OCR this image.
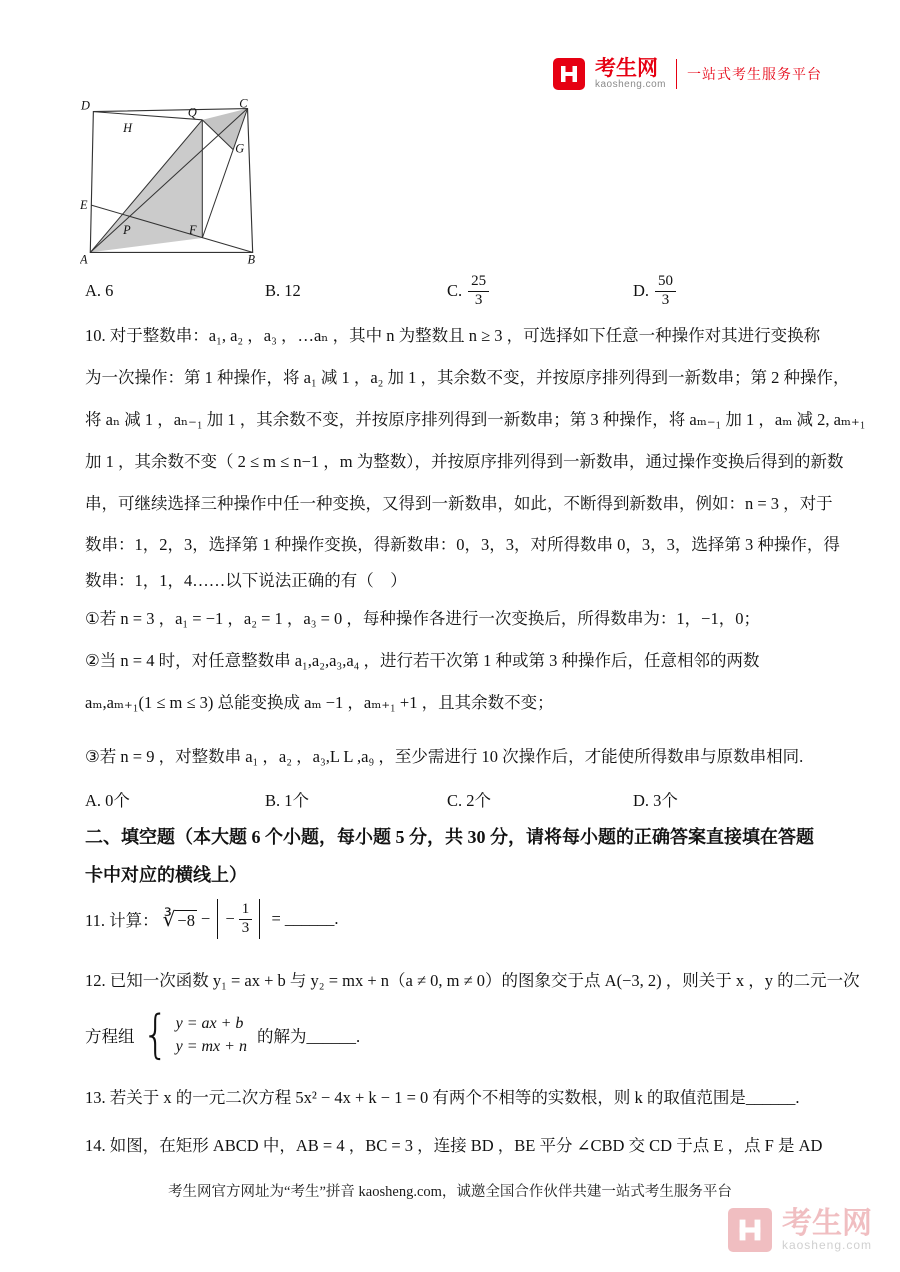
考生网
kaosheng.com
一站式考生服务平台
D	C
H
Q
G
E
P	F
A	B
A. 6	B. 12	C. $\frac{25}{3}$	D. $\frac{50}{3}$
10. 对于整数串：a₁, a₂ ，a₃ ，…aₙ ，其中 n 为整数且 n ≥ 3 ，可选择如下任意一种操作对其进行变换称
为一次操作：第 1 种操作，将 a₁ 减 1 ，a₂ 加 1 ，其余数不变，并按原序排列得到一新数串；第 2 种操作，
将 aₙ 减 1 ，aₙ₋₁ 加 1 ，其余数不变，并按原序排列得到一新数串；第 3 种操作，将 aₘ₋₁ 加 1 ，aₘ 减 2, aₘ₊₁
加 1 ，其余数不变（ 2 ≤ m ≤ n−1 ，m 为整数），并按原序排列得到一新数串，通过操作变换后得到的新数
串，可继续选择三种操作中任一种变换，又得到一新数串，如此，不断得到新数串，例如：n = 3 ，对于
数串：1，2，3，选择第 1 种操作变换，得新数串：0，3，3，对所得数串 0，3，3，选择第 3 种操作，得
数串：1，1，4……以下说法正确的有（　）
①若 n = 3 ，a₁ = −1 ，a₂ = 1 ，a₃ = 0 ，每种操作各进行一次变换后，所得数串为：1，−1，0；
②当 n = 4 时，对任意整数串 a₁,a₂,a₃,a₄ ，进行若干次第 1 种或第 3 种操作后，任意相邻的两数
aₘ,aₘ₊₁(1 ≤ m ≤ 3) 总能变换成 aₘ −1 ，aₘ₊₁ +1 ，且其余数不变；
③若 n = 9 ，对整数串 a₁ ，a₂ ，a₃,L L ,a₉ ，至少需进行 10 次操作后，才能使所得数串与原数串相同.
A. 0个	B. 1个	C. 2个	D. 3个
二、填空题（本大题 6 个小题，每小题 5 分，共 30 分，请将每小题的正确答案直接填在答题
卡中对应的横线上）
11. 计算： ∛ −8 − − $\frac{1}{3}$ = ______.
12. 已知一次函数 y₁ = ax + b 与 y₂ = mx + n（a ≠ 0, m ≠ 0）的图象交于点 A(−3, 2) ，则关于 x ，y 的二元一次
方程组 { y = ax + b
y = mx + n 的解为______.
13. 若关于 x 的一元二次方程 5x² − 4x + k − 1 = 0 有两个不相等的实数根，则 k 的取值范围是______.
14. 如图，在矩形 ABCD 中，AB = 4 ，BC = 3 ，连接 BD ，BE 平分 ∠CBD 交 CD 于点 E ，点 F 是 AD
考生网官方网址为“考生”拼音 kaosheng.com，诚邀全国合作伙伴共建一站式考生服务平台
考生网
kaosheng.com
